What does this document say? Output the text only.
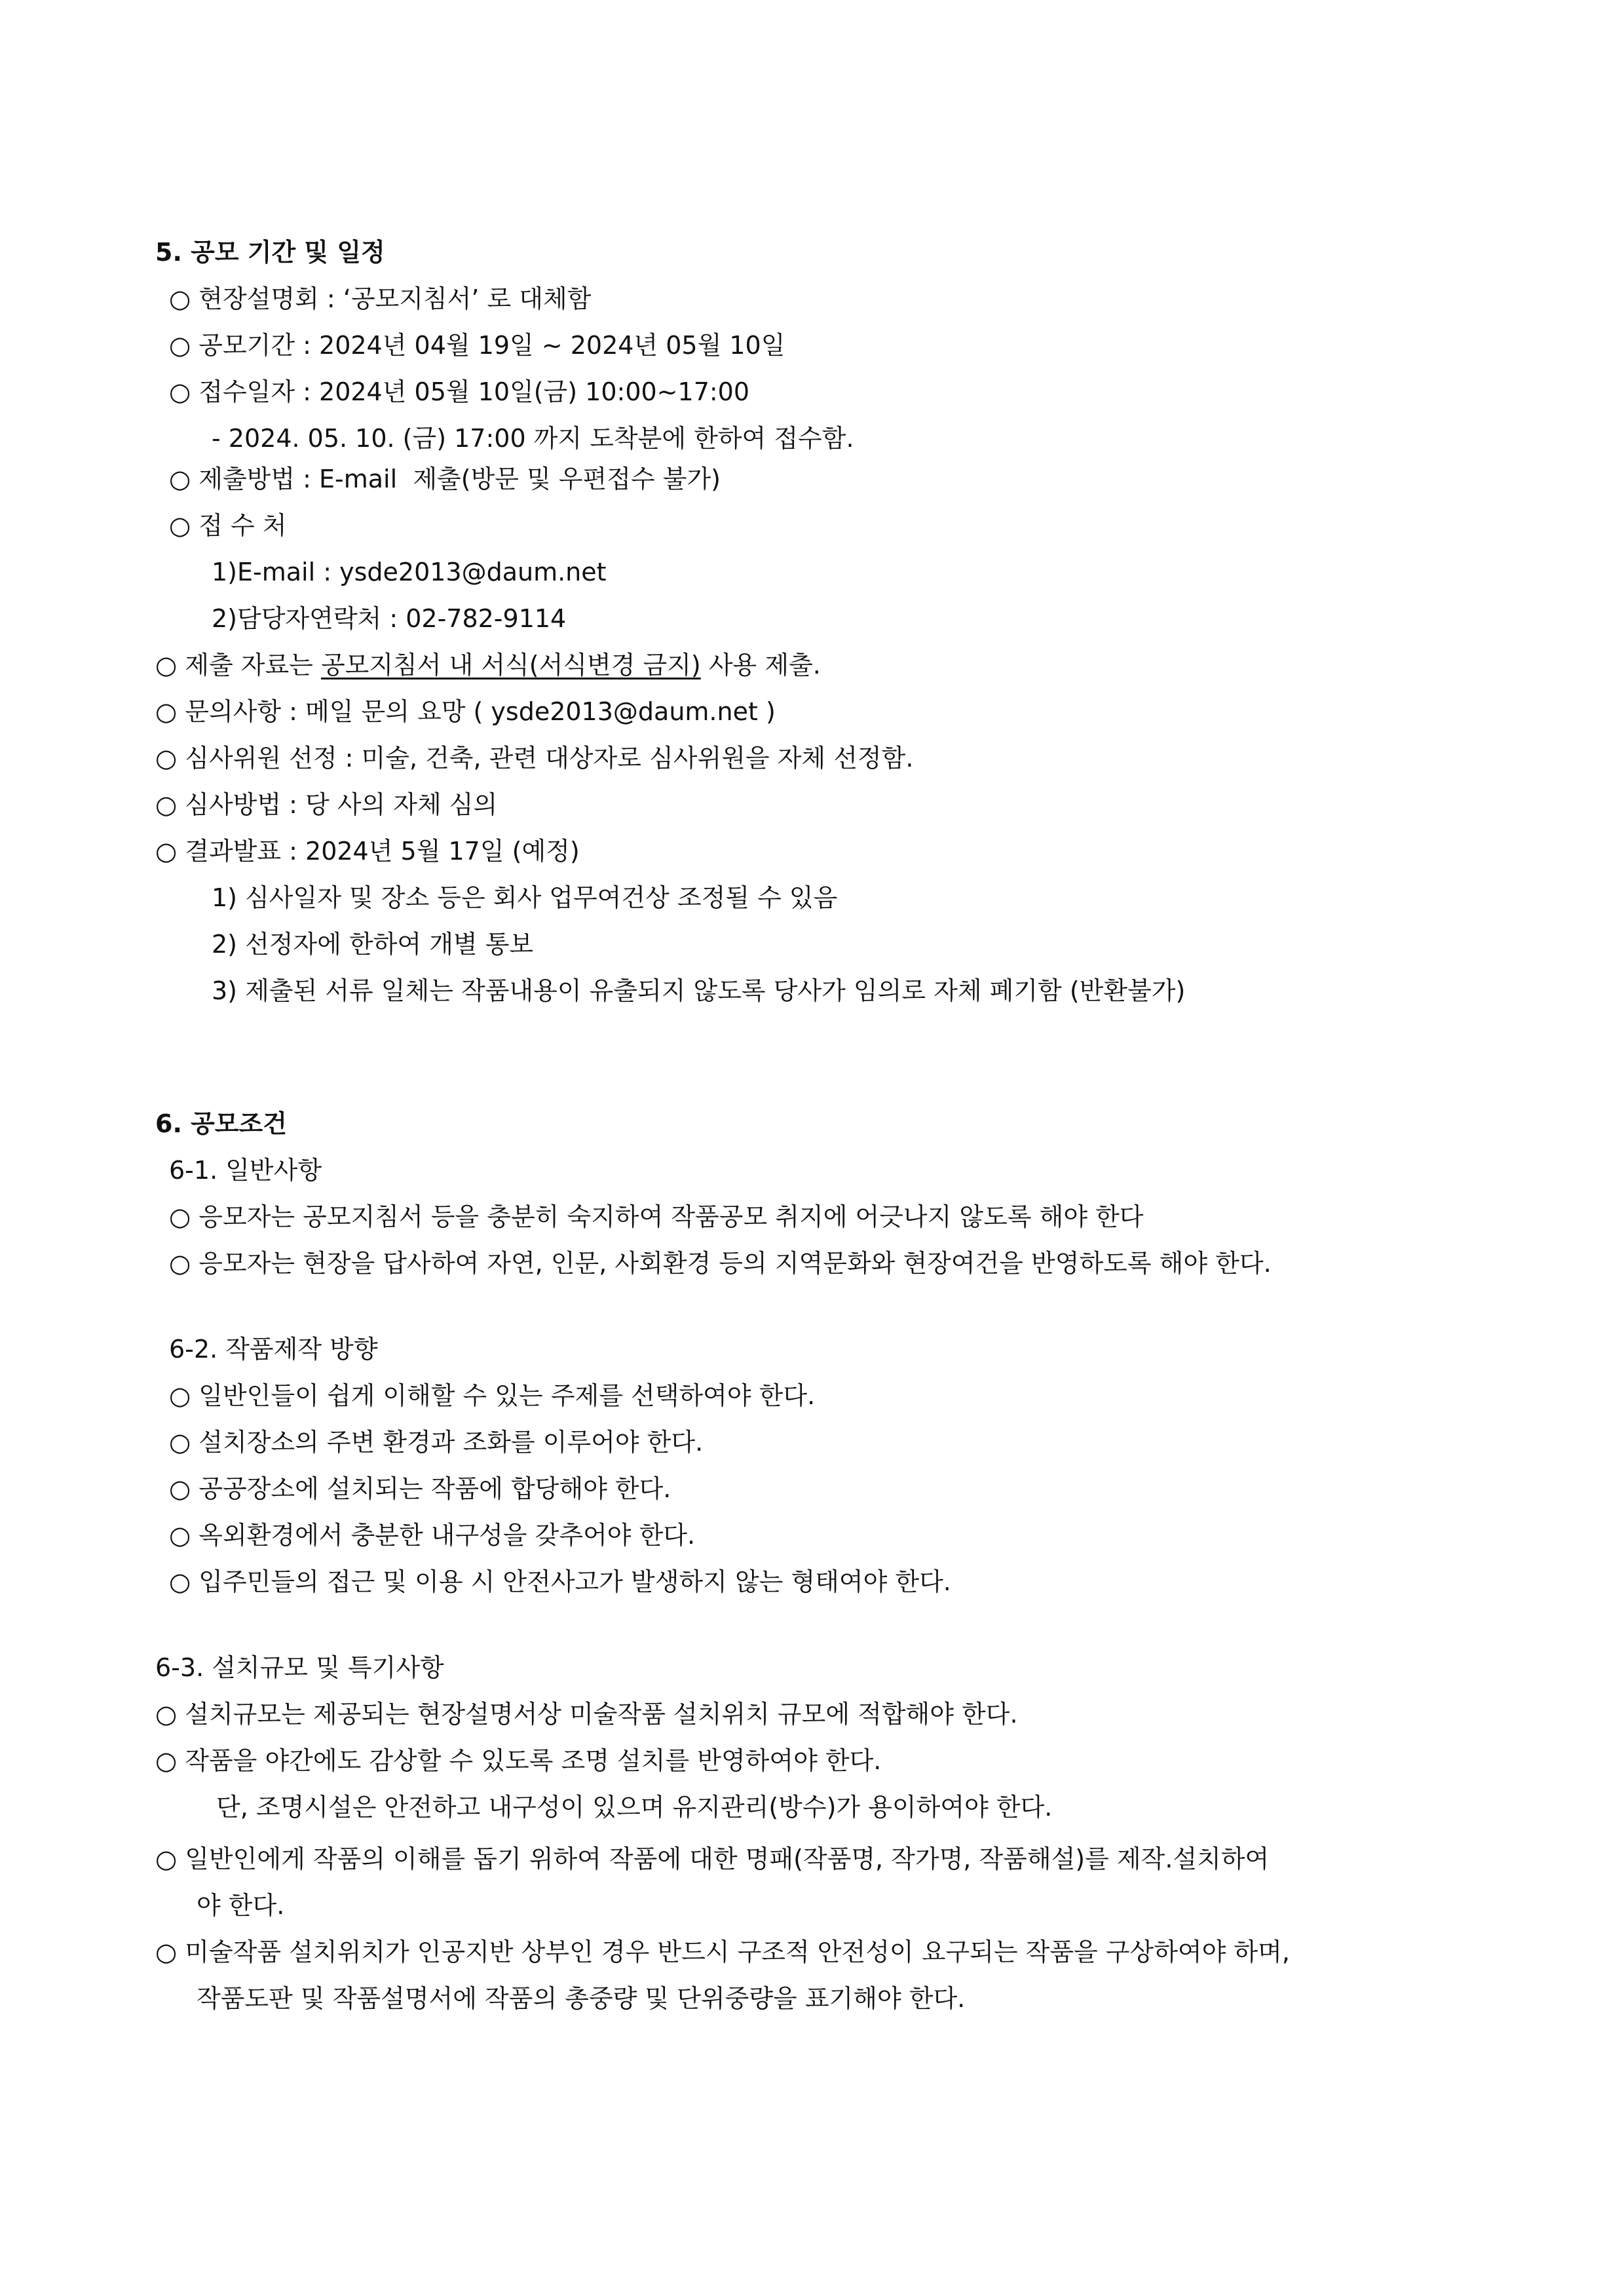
5. 공모 기간 및 일정
○ 현장설명회 : ‘공모지침서’ 로 대체함
○ 공모기간 : 2024년 04월 19일 ~ 2024년 05월 10일
○ 접수일자 : 2024년 05월 10일(금) 10:00~17:00
- 2024. 05. 10. (금) 17:00 까지 도착분에 한하여 접수함.
○ 제출방법 : E-mail  제출(방문 및 우편접수 불가)
○ 접 수 처
1)E-mail : ysde2013@daum.net
2)담당자연락처 : 02-782-9114
○ 제출 자료는 공모지침서 내 서식(서식변경 금지) 사용 제출.
○ 문의사항 : 메일 문의 요망 ( ysde2013@daum.net )
○ 심사위원 선정 : 미술, 건축, 관련 대상자로 심사위원을 자체 선정함.
○ 심사방법 : 당 사의 자체 심의
○ 결과발표 : 2024년 5월 17일 (예정)
1) 심사일자 및 장소 등은 회사 업무여건상 조정될 수 있음
2) 선정자에 한하여 개별 통보
3) 제출된 서류 일체는 작품내용이 유출되지 않도록 당사가 임의로 자체 폐기함 (반환불가)
6. 공모조건
6-1. 일반사항
○ 응모자는 공모지침서 등을 충분히 숙지하여 작품공모 취지에 어긋나지 않도록 해야 한다
○ 응모자는 현장을 답사하여 자연, 인문, 사회환경 등의 지역문화와 현장여건을 반영하도록 해야 한다.
6-2. 작품제작 방향
○ 일반인들이 쉽게 이해할 수 있는 주제를 선택하여야 한다.
○ 설치장소의 주변 환경과 조화를 이루어야 한다.
○ 공공장소에 설치되는 작품에 합당해야 한다.
○ 옥외환경에서 충분한 내구성을 갖추어야 한다.
○ 입주민들의 접근 및 이용 시 안전사고가 발생하지 않는 형태여야 한다.
6-3. 설치규모 및 특기사항
○ 설치규모는 제공되는 현장설명서상 미술작품 설치위치 규모에 적합해야 한다.
○ 작품을 야간에도 감상할 수 있도록 조명 설치를 반영하여야 한다.
단, 조명시설은 안전하고 내구성이 있으며 유지관리(방수)가 용이하여야 한다.
○ 일반인에게 작품의 이해를 돕기 위하여 작품에 대한 명패(작품명, 작가명, 작품해설)를 제작.설치하여
야 한다.
○ 미술작품 설치위치가 인공지반 상부인 경우 반드시 구조적 안전성이 요구되는 작품을 구상하여야 하며,
작품도판 및 작품설명서에 작품의 총중량 및 단위중량을 표기해야 한다.
